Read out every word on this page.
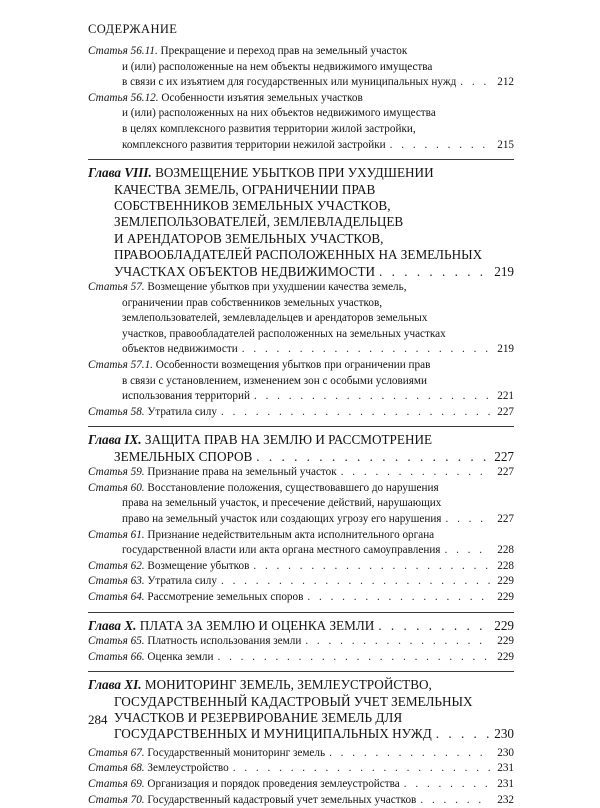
СОДЕРЖАНИЕ
Статья 56.11. Прекращение и переход прав на земельный участок
и (или) расположенные на нем объекты недвижимого имущества
в связи с их изъятием для государственных или муниципальных нужд . . .	212
Статья 56.12. Особенности изъятия земельных участков
и (или) расположенных на них объектов недвижимого имущества
в целях комплексного развития территории жилой застройки,
комплексного развития территории нежилой застройки . . .	215
Глава VIII. ВОЗМЕЩЕНИЕ УБЫТКОВ ПРИ УХУДШЕНИИ
КАЧЕСТВА ЗЕМЕЛЬ, ОГРАНИЧЕНИИ ПРАВ
СОБСТВЕННИКОВ ЗЕМЕЛЬНЫХ УЧАСТКОВ,
ЗЕМЛЕПОЛЬЗОВАТЕЛЕЙ, ЗЕМЛЕВЛАДЕЛЬЦЕВ
И АРЕНДАТОРОВ ЗЕМЕЛЬНЫХ УЧАСТКОВ,
ПРАВООБЛАДАТЕЛЕЙ РАСПОЛОЖЕННЫХ НА ЗЕМЕЛЬНЫХ
УЧАСТКАХ ОБЪЕКТОВ НЕДВИЖИМОСТИ . . .	219
Статья 57. Возмещение убытков при ухудшении качества земель,
ограничении прав собственников земельных участков,
землепользователей, землевладельцев и арендаторов земельных
участков, правообладателей расположенных на земельных участках
объектов недвижимости . . .	219
Статья 57.1. Особенности возмещения убытков при ограничении прав
в связи с установлением, изменением зон с особыми условиями
использования территорий . . .	221
Статья 58. Утратила силу . . .	227
Глава IX. ЗАЩИТА ПРАВ НА ЗЕМЛЮ И РАССМОТРЕНИЕ
ЗЕМЕЛЬНЫХ СПОРОВ . . .	227
Статья 59. Признание права на земельный участок . . .	227
Статья 60. Восстановление положения, существовавшего до нарушения
права на земельный участок, и пресечение действий, нарушающих
право на земельный участок или создающих угрозу его нарушения . . .	227
Статья 61. Признание недействительным акта исполнительного органа
государственной власти или акта органа местного самоуправления . . .	228
Статья 62. Возмещение убытков . . .	228
Статья 63. Утратила силу . . .	229
Статья 64. Рассмотрение земельных споров . . .	229
Глава X. ПЛАТА ЗА ЗЕМЛЮ И ОЦЕНКА ЗЕМЛИ . . .	229
Статья 65. Платность использования земли . . .	229
Статья 66. Оценка земли . . .	229
Глава XI. МОНИТОРИНГ ЗЕМЕЛЬ, ЗЕМЛЕУСТРОЙСТВО,
ГОСУДАРСТВЕННЫЙ КАДАСТРОВЫЙ УЧЕТ ЗЕМЕЛЬНЫХ
УЧАСТКОВ И РЕЗЕРВИРОВАНИЕ ЗЕМЕЛЬ ДЛЯ
ГОСУДАРСТВЕННЫХ И МУНИЦИПАЛЬНЫХ НУЖД . . .	230
Статья 67. Государственный мониторинг земель . . .	230
Статья 68. Землеустройство . . .	231
Статья 69. Организация и порядок проведения землеустройства . . .	231
Статья 70. Государственный кадастровый учет земельных участков . . .	232
284
